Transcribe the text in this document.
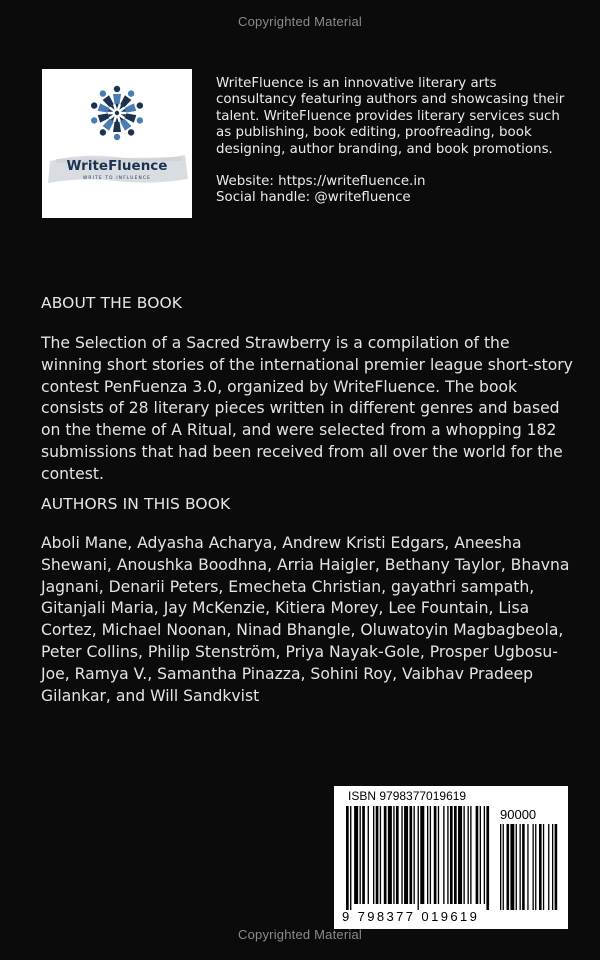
Copyrighted Material
WriteFluence
WRITE TO INFLUENCE

WriteFluence is an innovative literary arts consultancy featuring authors and showcasing their talent. WriteFluence provides literary services such as publishing, book editing, proofreading, book designing, author branding, and book promotions.

Website: https://writefluence.in

Social handle: @writefluence

ABOUT THE BOOK

The Selection of a Sacred Strawberry is a compilation of the winning short stories of the international premier league short-story contest PenFuenza 3.0, organized by WriteFluence. The book consists of 28 literary pieces written in different genres and based on the theme of A Ritual, and were selected from a whopping 182 submissions that had been received from all over the world for the contest.

AUTHORS IN THIS BOOK

Aboli Mane, Adyasha Acharya, Andrew Kristi Edgars, Aneesha Shewani, Anoushka Boodhna, Arria Haigler, Bethany Taylor, Bhavna Jagnani, Denarii Peters, Emecheta Christian, gayathri sampath, Gitanjali Maria, Jay McKenzie, Kitiera Morey, Lee Fountain, Lisa Cortez, Michael Noonan, Ninad Bhangle, Oluwatoyin Magbagbeola, Peter Collins, Philip Stenström, Priya Nayak-Gole, Prosper Ugbosu-Joe, Ramya V., Samantha Pinazza, Sohini Roy, Vaibhav Pradeep Gilankar, and Will Sandkvist

ISBN 9798377019619
90000
9 798377 019619
Copyrighted Material
